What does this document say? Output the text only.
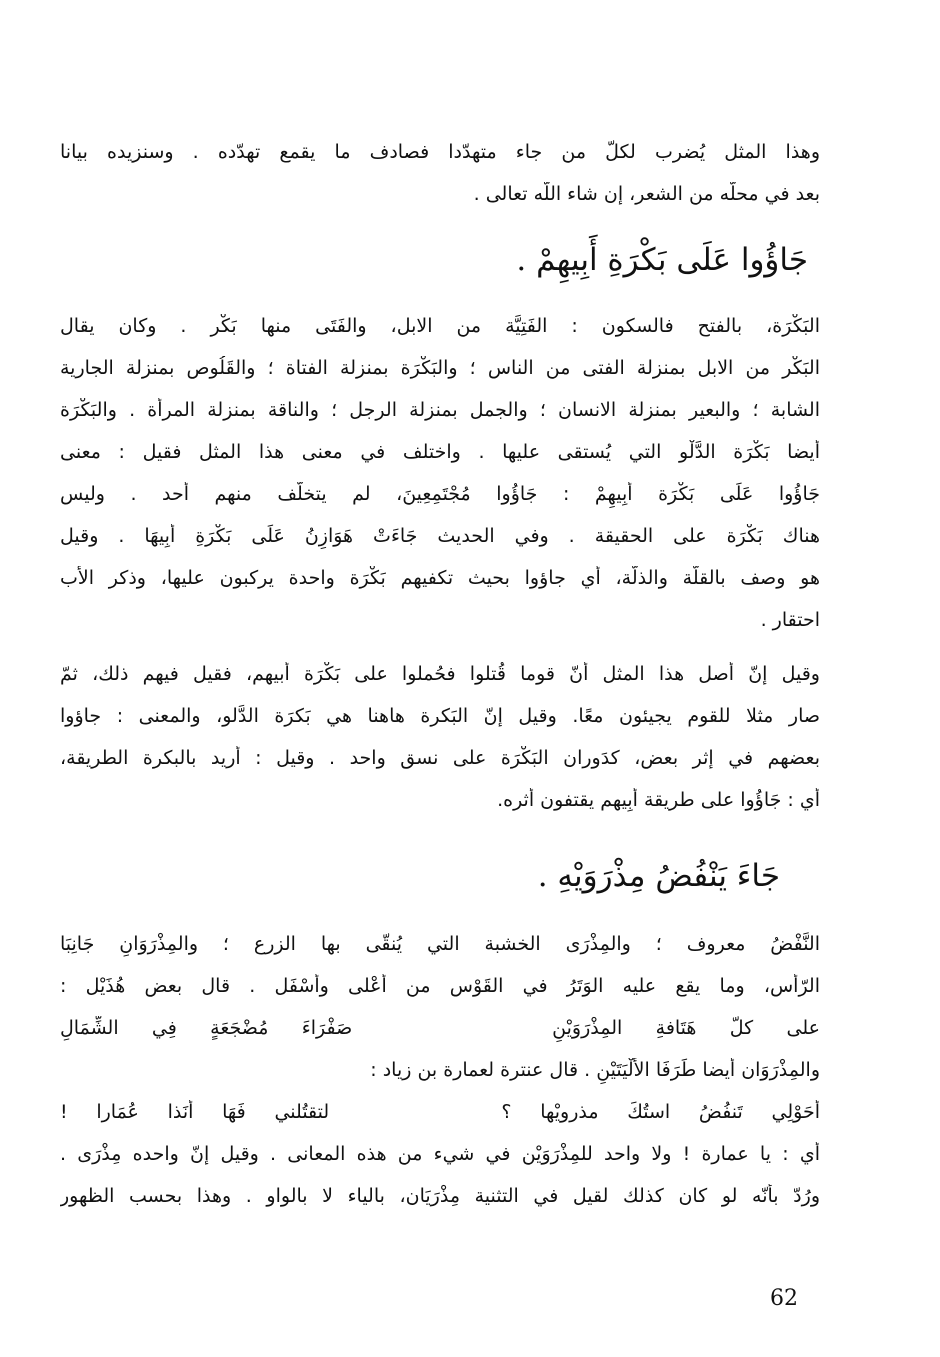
وهذا المثل يُضرب لكلّ من جاء متهدّدا فصادف ما يقمع تهدّده . وسنزيده بيانا
بعد في محلّه من الشعر، إن شاء اللّه تعالى .
جَاؤُوا عَلَى بَكْرَةِ أَبِيهِمْ .
البَكْرَة، بالفتح فالسكون : الفَتِيَّة من الابل، والفَتَى منها بَكْر . وكان يقال
البَكْر من الابل بمنزلة الفتى من الناس ؛ والبَكْرَة بمنزلة الفتاة ؛ والقَلُوص بمنزلة الجارية
الشابة ؛ والبعير بمنزلة الانسان ؛ والجمل بمنزلة الرجل ؛ والناقة بمنزلة المرأة . والبَكْرَة
أيضا بَكْرَة الدَّلْو التي يُستقى عليها . واختلف في معنى هذا المثل فقيل : معنى
جَاؤُوا عَلَى بَكْرَة أَبِيهِمْ : جَاؤُوا مُجْتَمِعِينَ، لم يتخلّف منهم أحد . وليس
هناك بَكْرَة على الحقيقة . وفي الحديث جَاءَتْ هَوَازِنُ عَلَى بَكْرَةِ أَبِيهَا . وقيل
هو وصف بالقلّة والذلّة، أي جاؤوا بحيث تكفيهم بَكْرَة واحدة يركبون عليها، وذكر الأب
احتقار .
وقيل إنّ أصل هذا المثل أنّ قوما قُتلوا فحُملوا على بَكْرَة أبيهم، فقيل فيهم ذلك، ثمّ
صار مثلا للقوم يجيئون معًا. وقيل إنّ البَكرة هاهنا هي بَكرَة الدَّلو، والمعنى : جاؤوا
بعضهم في إثر بعض، كدَوران البَكْرَة على نسق واحد . وقيل : أُريد بالبكرة الطريقة،
أي : جَاؤُوا على طريقة أبِيهم يقتفون أثره.
جَاءَ يَنْفُضُ مِذْرَوَيْهِ .
النَّفْضُ معروف ؛ والمِذْرَى الخشبة التي يُنقّى بها الزرع ؛ والمِذْرَوَانِ جَانِبَا
الرّأس، وما يقع عليه الوَتَرُ في القَوْس من أعْلى وأسْفَل . قال بعض هُذَيْل :
على كلّ هَتَافةِ المِذْرَوَيْنِ      صَفْرَاءَ مُضْجَعَةٍ فِي الشِّمَالِ
والمِذْرَوَان أيضا طَرَفَا الأَلْيَتَيْنِ . قال عنترة لعمارة بن زياد :
أحَوْلِي تَنفُضُ استُكَ مذرويْها ؟      لتقتُلني فَهَا أنَذا عُمَارا !
أي : يا عمارة ! ولا واحد للمِذْرَوَيْن في شيء من هذه المعانى . وقيل إنّ واحده مِذْرَى .
ورُدّ بأنّه لو كان كذلك لقيل في التثنية مِذْرَيَان، بالياء لا بالواو . وهذا بحسب الظهور
62
